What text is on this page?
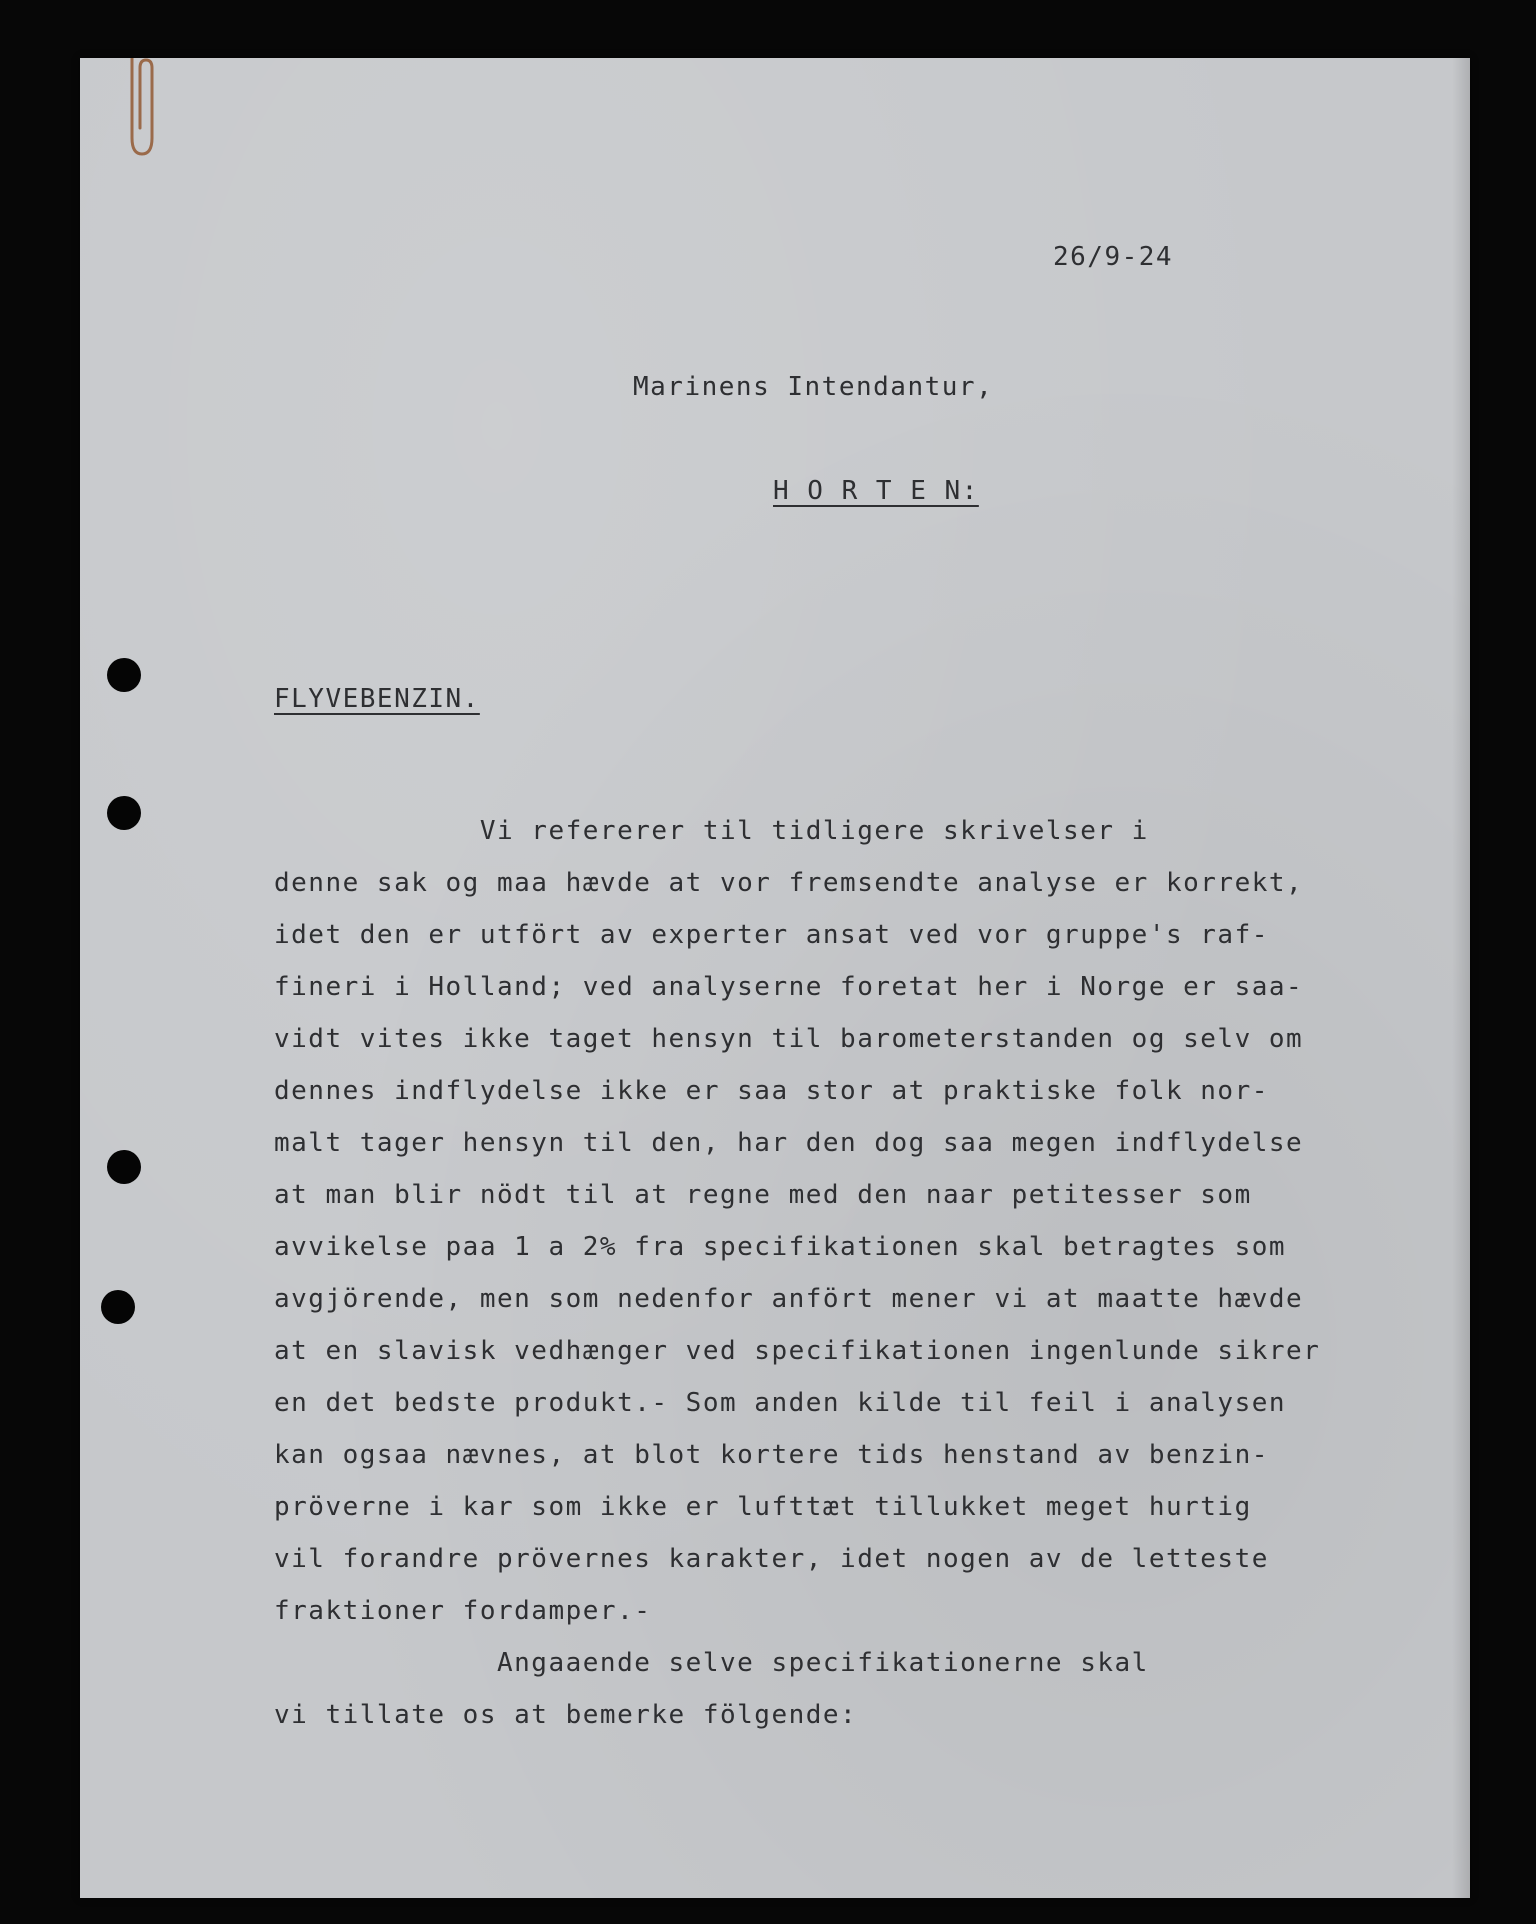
26/9-24

Marinens Intendantur,

H O R T E N:

FLYVEBENZIN.

Vi refererer til tidligere skrivelser i

denne sak og maa hævde at vor fremsendte analyse er korrekt,

idet den er utfört av experter ansat ved vor gruppe's raf-

fineri i Holland; ved analyserne foretat her i Norge er saa-

vidt vites ikke taget hensyn til barometerstanden og selv om

dennes indflydelse ikke er saa stor at praktiske folk nor-

malt tager hensyn til den, har den dog saa megen indflydelse

at man blir nödt til at regne med den naar petitesser som

avvikelse paa 1 a 2% fra specifikationen skal betragtes som

avgjörende, men som nedenfor anfört mener vi at maatte hævde

at en slavisk vedhænger ved specifikationen ingenlunde sikrer

en det bedste produkt.- Som anden kilde til feil i analysen

kan ogsaa nævnes, at blot kortere tids henstand av benzin-

pröverne i kar som ikke er lufttæt tillukket meget hurtig

vil forandre prövernes karakter, idet nogen av de letteste

fraktioner fordamper.-

Angaaende selve specifikationerne skal

vi tillate os at bemerke fölgende:
